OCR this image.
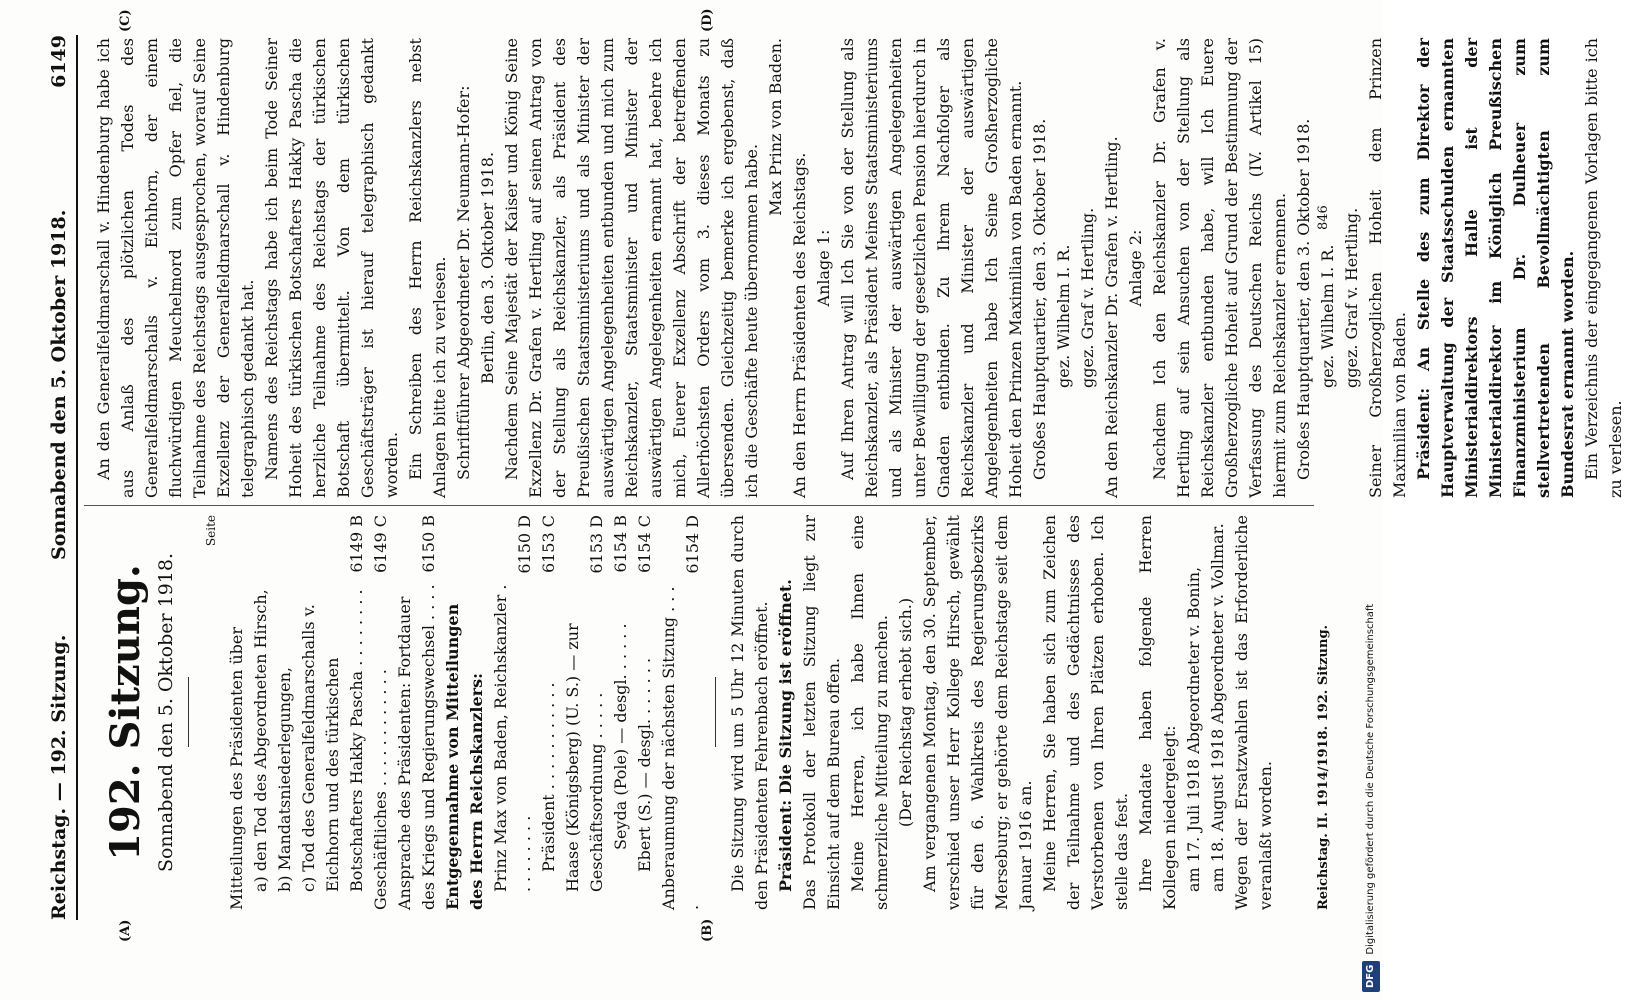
Reichstag. — 192. Sitzung.
Sonnabend den 5. Oktober 1918.
6149
(A)	(B)
(C)	(D)
192. Sitzung. Sonnabend den 5. Oktober 1918.
Seite
Mitteilungen des Präsidenten über	
a) den Tod des Abgeordneten Hirsch,	
b) Mandatsniederlegungen,	
c) Tod des Generalfeldmarschalls v. Eichhorn und des türkischen Botschafters Hakky Pascha . . . . . . . .	6149 B
Geschäftliches . . . . . . . . . . . .	6149 C
Ansprache des Präsidenten: Fortdauer des Kriegs und Regierungswechsel . . . .	6150 B
Entgegennahme von Mitteilungen des Herrn Reichskanzlers:	
Prinz Max von Baden, Reichskanzler . . . . . . . . .	6150 D
Präsident . . . . . . . . . . .	6153 C
Haase (Königsberg) (U. S.) — zur Geschäftsordnung . . . . .	6153 D
Seyda (Pole) — desgl. . . . . .	6154 B
Ebert (S.) — desgl. . . . . . .	6154 C
Anberaumung der nächsten Sitzung . . . .	6154 D Die Sitzung wird um 5 Uhr 12 Minuten durch den Präsidenten Fehrenbach eröffnet. Präsident: Die Sitzung ist eröffnet. Das Protokoll der letzten Sitzung liegt zur Einsicht auf dem Bureau offen. Meine Herren, ich habe Ihnen eine schmerzliche Mitteilung zu machen. (Der Reichstag erhebt sich.) Am vergangenen Montag, den 30. September, verschied unser Herr Kollege Hirsch, gewählt für den 6. Wahlkreis des Regierungsbezirks Merseburg; er gehörte dem Reichstage seit dem Januar 1916 an. Meine Herren, Sie haben sich zum Zeichen der Teilnahme und des Gedächtnisses des Verstorbenen von Ihren Plätzen erhoben. Ich stelle das fest. Ihre Mandate haben folgende Herren Kollegen niedergelegt: am 17. Juli 1918 Abgeordneter v. Bonin, am 18. August 1918 Abgeordneter v. Vollmar. Wegen der Ersatzwahlen ist das Erforderliche veranlaßt worden.

An den Generalfeldmarschall v. Hindenburg habe ich aus Anlaß des plötzlichen Todes des Generalfeldmarschalls v. Eichhorn, der einem fluchwürdigen Meuchelmord zum Opfer fiel, die Teilnahme des Reichstags ausgesprochen, worauf Seine Exzellenz der Generalfeldmarschall v. Hindenburg telegraphisch gedankt hat. Namens des Reichstags habe ich beim Tode Seiner Hoheit des türkischen Botschafters Hakky Pascha die herzliche Teilnahme des Reichstags der türkischen Botschaft übermittelt. Von dem türkischen Geschäftsträger ist hierauf telegraphisch gedankt worden. Ein Schreiben des Herrn Reichskanzlers nebst Anlagen bitte ich zu verlesen. Schriftführer Abgeordneter Dr. Neumann-Hofer: Berlin, den 3. Oktober 1918. Nachdem Seine Majestät der Kaiser und König Seine Exzellenz Dr. Grafen v. Hertling auf seinen Antrag von der Stellung als Reichskanzler, als Präsident des Preußischen Staatsministeriums und als Minister der auswärtigen Angelegenheiten entbunden und mich zum Reichskanzler, Staatsminister und Minister der auswärtigen Angelegenheiten ernannt hat, beehre ich mich, Euerer Exzellenz Abschrift der betreffenden Allerhöchsten Orders vom 3. dieses Monats zu übersenden. Gleichzeitig bemerke ich ergebenst, daß ich die Geschäfte heute übernommen habe.

Max Prinz von Baden.

An den Herrn Präsidenten des Reichstags. Anlage 1: Auf Ihren Antrag will Ich Sie von der Stellung als Reichskanzler, als Präsident Meines Staatsministeriums und als Minister der auswärtigen Angelegenheiten unter Bewilligung der gesetzlichen Pension hierdurch in Gnaden entbinden. Zu Ihrem Nachfolger als Reichskanzler und Minister der auswärtigen Angelegenheiten habe Ich Seine Großherzogliche Hoheit den Prinzen Maximilian von Baden ernannt. Großes Hauptquartier, den 3. Oktober 1918. gez. Wilhelm I. R. ggez. Graf v. Hertling. An den Reichskanzler Dr. Grafen v. Hertling. Anlage 2: Nachdem Ich den Reichskanzler Dr. Grafen v. Hertling auf sein Ansuchen von der Stellung als Reichskanzler entbunden habe, will Ich Euere Großherzogliche Hoheit auf Grund der Bestimmung der Verfassung des Deutschen Reichs (IV. Artikel 15) hiermit zum Reichskanzler ernennen. Großes Hauptquartier, den 3. Oktober 1918. gez. Wilhelm I. R. ggez. Graf v. Hertling. Seiner Großherzoglichen Hoheit dem Prinzen Maximilian von Baden. Präsident: An Stelle des zum Direktor der Hauptverwaltung der Staatsschulden ernannten Ministerialdirektors Halle ist der Ministerialdirektor im Königlich Preußischen Finanzministerium Dr. Dulheuer zum stellvertretenden Bevollmächtigten zum Bundesrat ernannt worden. Ein Verzeichnis der eingegangenen Vorlagen bitte ich zu verlesen.

Reichstag. II. 1914/1918. 192. Sitzung.
846
DFGDigitalisierung gefördert durch die Deutsche Forschungsgemeinschaft
